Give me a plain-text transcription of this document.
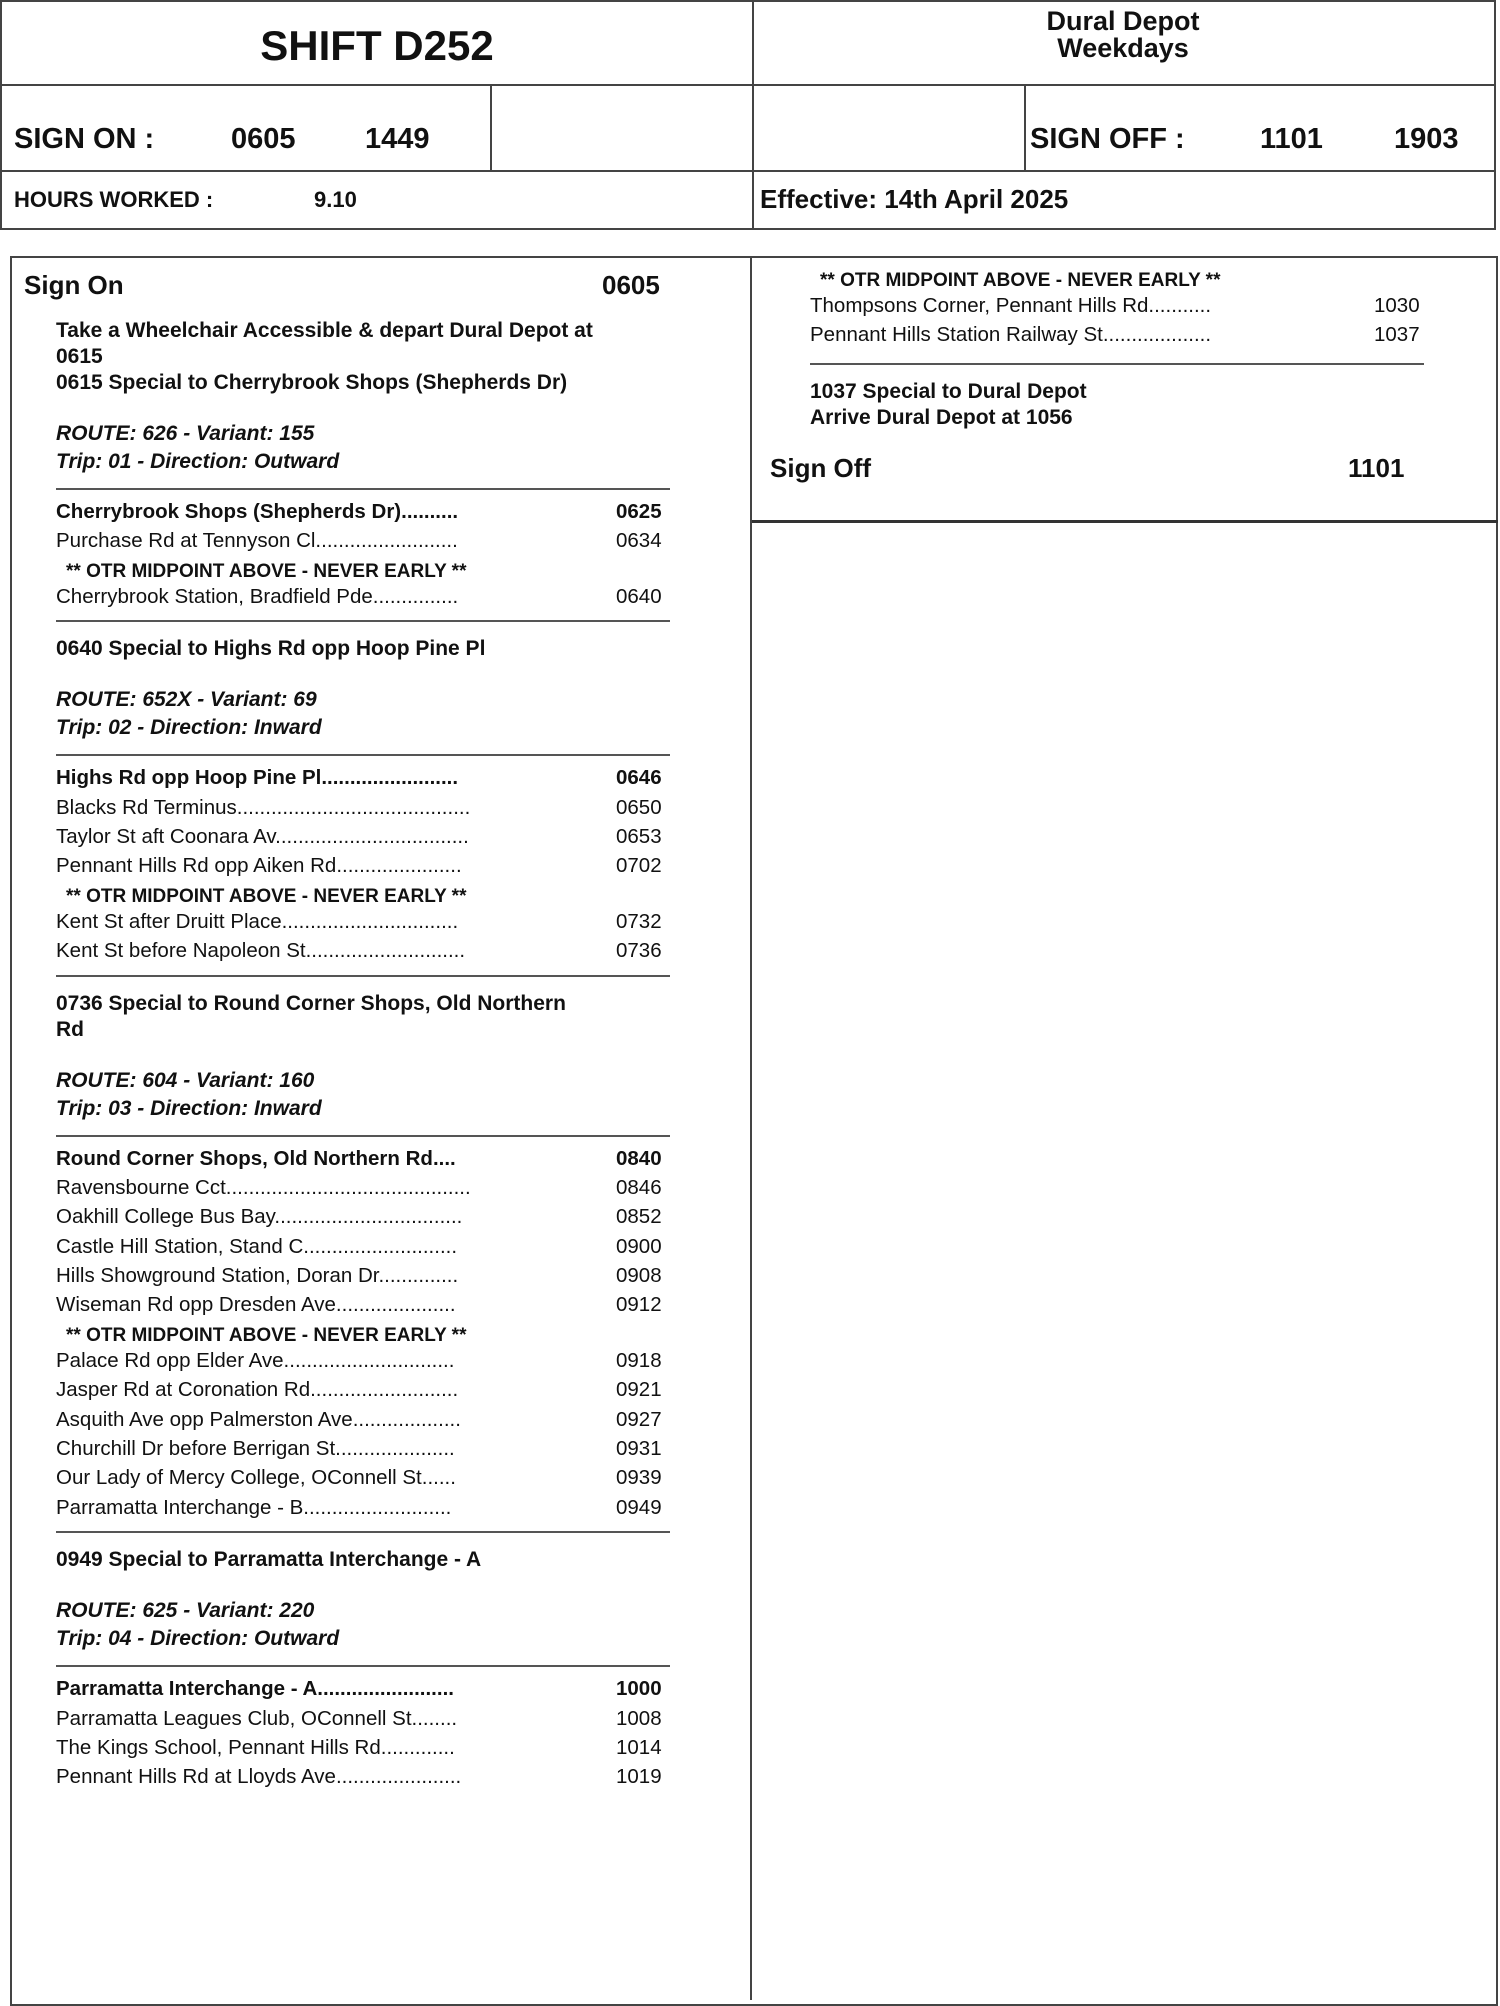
SHIFT D252
Dural Depot
Weekdays
SIGN ON :	0605 1449	SIGN OFF :	1101 1903
HOURS WORKED :	9.10	Effective: 14th April 2025
Sign On	0605
Take a Wheelchair Accessible & depart Dural Depot at
0615
0615 Special to Cherrybrook Shops (Shepherds Dr)
ROUTE: 626 - Variant: 155
Trip: 01 - Direction: Outward
Cherrybrook Shops (Shepherds Dr)..........	0625
Purchase Rd at Tennyson Cl.........................	0634
** OTR MIDPOINT ABOVE - NEVER EARLY **
Cherrybrook Station, Bradfield Pde...............	0640
0640 Special to Highs Rd opp Hoop Pine Pl
ROUTE: 652X - Variant: 69
Trip: 02 - Direction: Inward
Highs Rd opp Hoop Pine Pl........................	0646
Blacks Rd Terminus.........................................	0650
Taylor St aft Coonara Av..................................	0653
Pennant Hills Rd opp Aiken Rd......................	0702
** OTR MIDPOINT ABOVE - NEVER EARLY **
Kent St after Druitt Place...............................	0732
Kent St before Napoleon St............................	0736
0736 Special to Round Corner Shops, Old Northern
Rd
ROUTE: 604 - Variant: 160
Trip: 03 - Direction: Inward
Round Corner Shops, Old Northern Rd....	0840
Ravensbourne Cct...........................................	0846
Oakhill College Bus Bay.................................	0852
Castle Hill Station, Stand C...........................	0900
Hills Showground Station, Doran Dr..............	0908
Wiseman Rd opp Dresden Ave.....................	0912
** OTR MIDPOINT ABOVE - NEVER EARLY **
Palace Rd opp Elder Ave..............................	0918
Jasper Rd at Coronation Rd..........................	0921
Asquith Ave opp Palmerston Ave...................	0927
Churchill Dr before Berrigan St.....................	0931
Our Lady of Mercy College, OConnell St......	0939
Parramatta Interchange - B..........................	0949
0949 Special to Parramatta Interchange - A
ROUTE: 625 - Variant: 220
Trip: 04 - Direction: Outward
Parramatta Interchange - A........................	1000
Parramatta Leagues Club, OConnell St........	1008
The Kings School, Pennant Hills Rd.............	1014
Pennant Hills Rd at Lloyds Ave......................	1019
** OTR MIDPOINT ABOVE - NEVER EARLY **
Thompsons Corner, Pennant Hills Rd...........	1030
Pennant Hills Station Railway St...................	1037
1037 Special to Dural Depot
Arrive Dural Depot at 1056
Sign Off	1101
